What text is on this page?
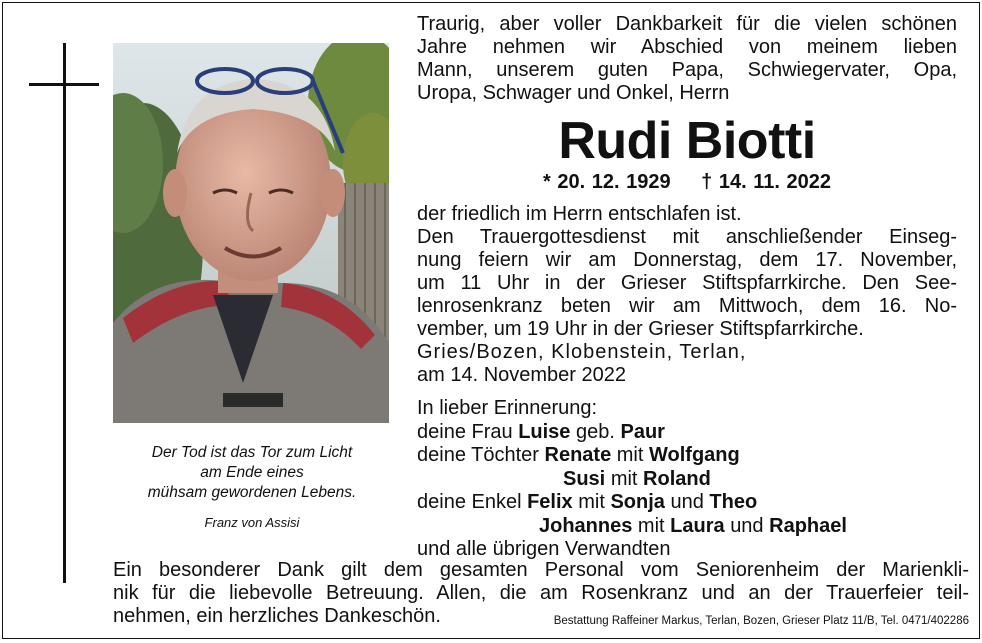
Der Tod ist das Tor zum Licht
am Ende eines
mühsam gewordenen Lebens.
Franz von Assisi
Traurig, aber voller Dankbarkeit für die vielen schönen
Jahre nehmen wir Abschied von meinem lieben
Mann, unserem guten Papa, Schwiegervater, Opa,
Uropa, Schwager und Onkel, Herrn
Rudi Biotti
* 20. 12. 1929 † 14. 11. 2022
der friedlich im Herrn entschlafen ist.
Den Trauergottesdienst mit anschließender Einseg-
nung feiern wir am Donnerstag, dem 17. November,
um 11 Uhr in der Grieser Stiftspfarrkirche. Den See-
lenrosenkranz beten wir am Mittwoch, dem 16. No-
vember, um 19 Uhr in der Grieser Stiftspfarrkirche.
Gries/Bozen, Klobenstein, Terlan,
am 14. November 2022
In lieber Erinnerung:
deine Frau Luise geb. Paur
deine Töchter Renate mit Wolfgang
Susi mit Roland
deine Enkel Felix mit Sonja und Theo
Johannes mit Laura und Raphael
und alle übrigen Verwandten
Ein besonderer Dank gilt dem gesamten Personal vom Seniorenheim der Marienkli-
nik für die liebevolle Betreuung. Allen, die am Rosenkranz und an der Trauerfeier teil-
nehmen, ein herzliches Dankeschön.	Bestattung Raffeiner Markus, Terlan, Bozen, Grieser Platz 11/B, Tel. 0471/402286
